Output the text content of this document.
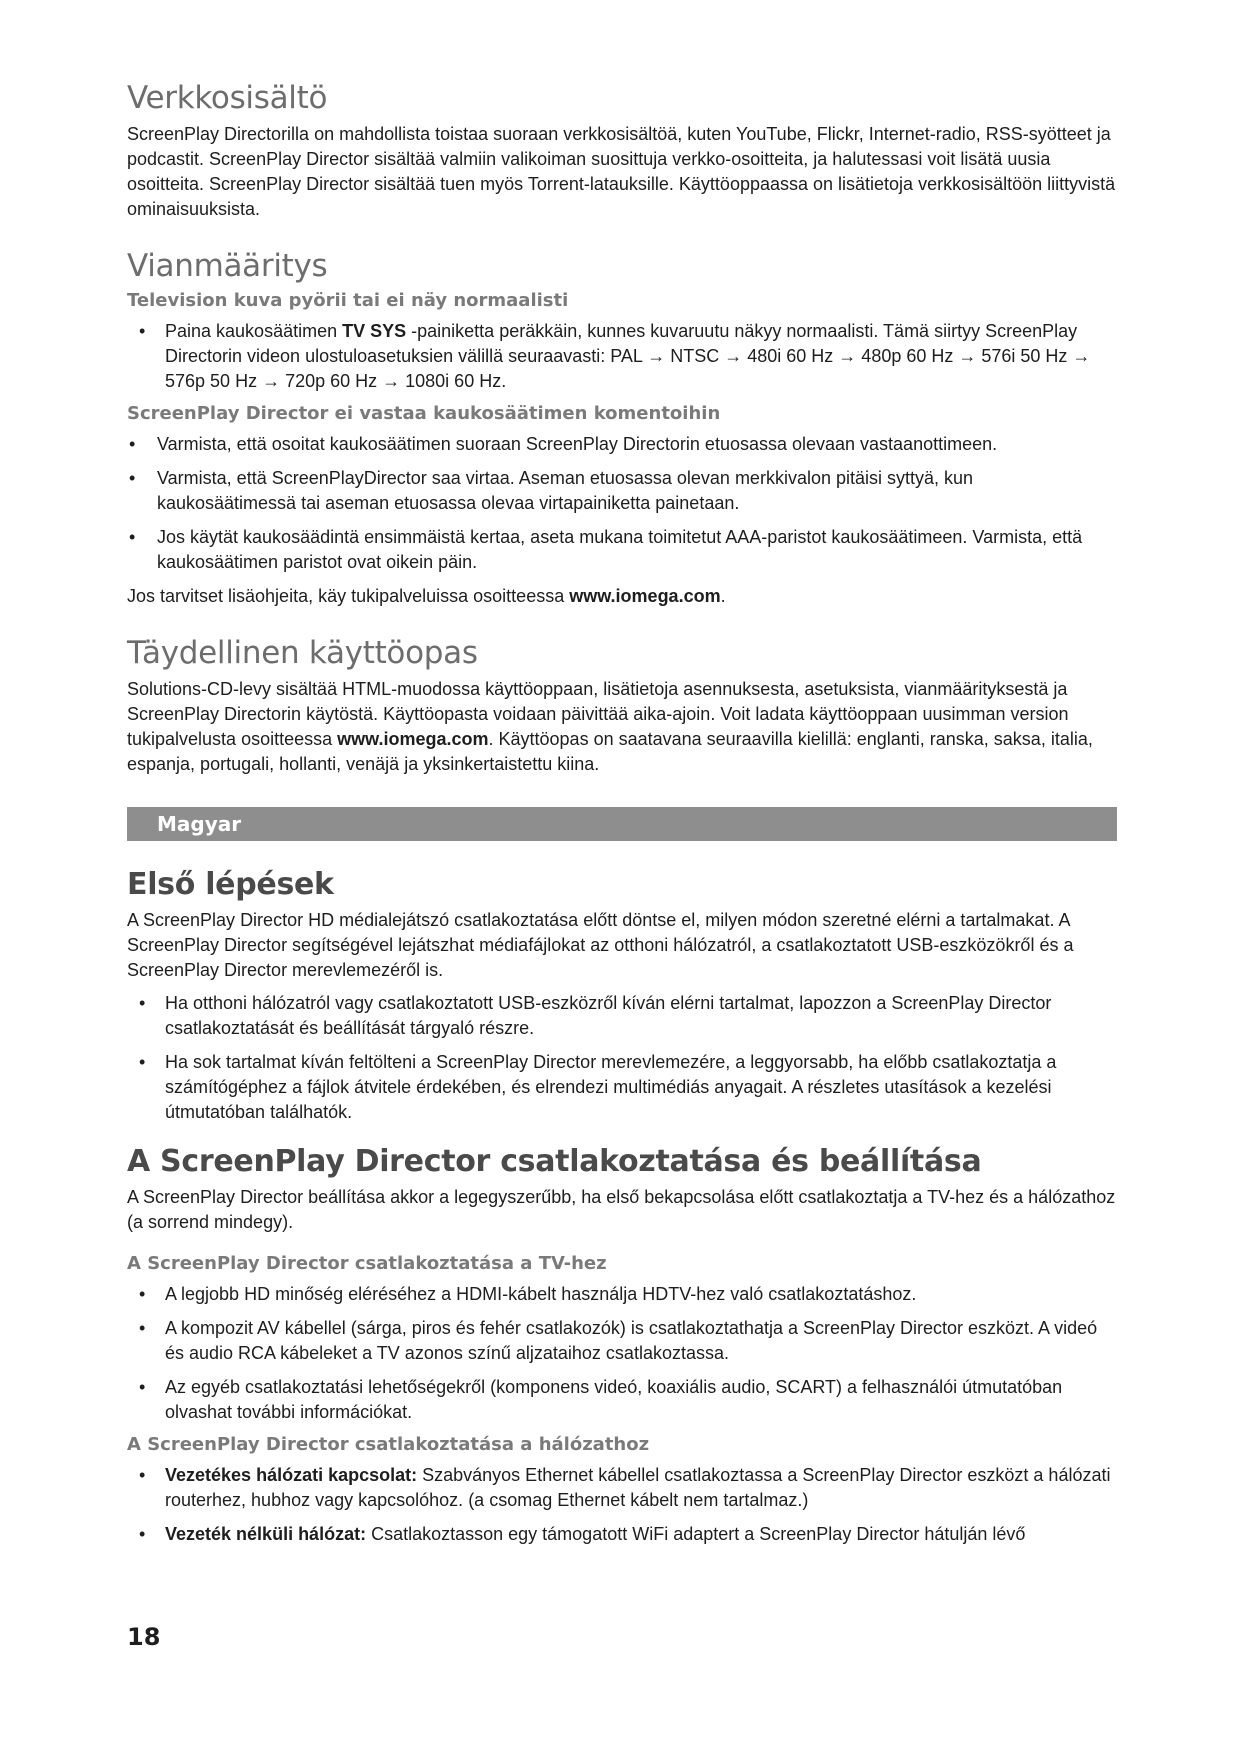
Verkkosisältö

ScreenPlay Directorilla on mahdollista toistaa suoraan verkkosisältöä, kuten YouTube, Flickr, Internet-radio, RSS-syötteet ja podcastit. ScreenPlay Director sisältää valmiin valikoiman suosittuja verkko-osoitteita, ja halutessasi voit lisätä uusia osoitteita. ScreenPlay Director sisältää tuen myös Torrent-latauksille. Käyttöoppaassa on lisätietoja verkkosisältöön liittyvistä ominaisuuksista.

Vianmääritys
Television kuva pyörii tai ei näy normaalisti
• Paina kaukosäätimen TV SYS -painiketta peräkkäin, kunnes kuvaruutu näkyy normaalisti. Tämä siirtyy ScreenPlay Directorin videon ulostuloasetuksien välillä seuraavasti: PAL → NTSC → 480i 60 Hz → 480p 60 Hz → 576i 50 Hz → 576p 50 Hz → 720p 60 Hz → 1080i 60 Hz.
ScreenPlay Director ei vastaa kaukosäätimen komentoihin
• Varmista, että osoitat kaukosäätimen suoraan ScreenPlay Directorin etuosassa olevaan vastaanottimeen.
• Varmista, että ScreenPlayDirector saa virtaa. Aseman etuosassa olevan merkkivalon pitäisi syttyä, kun kaukosäätimessä tai aseman etuosassa olevaa virtapainiketta painetaan.
• Jos käytät kaukosäädintä ensimmäistä kertaa, aseta mukana toimitetut AAA-paristot kaukosäätimeen. Varmista, että kaukosäätimen paristot ovat oikein päin.

Jos tarvitset lisäohjeita, käy tukipalveluissa osoitteessa www.iomega.com.

Täydellinen käyttöopas

Solutions-CD-levy sisältää HTML-muodossa käyttöoppaan, lisätietoja asennuksesta, asetuksista, vianmäärityksestä ja ScreenPlay Directorin käytöstä. Käyttöopasta voidaan päivittää aika-ajoin. Voit ladata käyttöoppaan uusimman version tukipalvelusta osoitteessa www.iomega.com. Käyttöopas on saatavana seuraavilla kielillä: englanti, ranska, saksa, italia, espanja, portugali, hollanti, venäjä ja yksinkertaistettu kiina.

Magyar
Első lépések

A ScreenPlay Director HD médialejátszó csatlakoztatása előtt döntse el, milyen módon szeretné elérni a tartalmakat. A ScreenPlay Director segítségével lejátszhat médiafájlokat az otthoni hálózatról, a csatlakoztatott USB-eszközökről és a ScreenPlay Director merevlemezéről is.

• Ha otthoni hálózatról vagy csatlakoztatott USB-eszközről kíván elérni tartalmat, lapozzon a ScreenPlay Director csatlakoztatását és beállítását tárgyaló részre.
• Ha sok tartalmat kíván feltölteni a ScreenPlay Director merevlemezére, a leggyorsabb, ha előbb csatlakoztatja a számítógéphez a fájlok átvitele érdekében, és elrendezi multimédiás anyagait. A részletes utasítások a kezelési útmutatóban találhatók.
A ScreenPlay Director csatlakoztatása és beállítása

A ScreenPlay Director beállítása akkor a legegyszerűbb, ha első bekapcsolása előtt csatlakoztatja a TV-hez és a hálózathoz (a sorrend mindegy).

A ScreenPlay Director csatlakoztatása a TV-hez
• A legjobb HD minőség eléréséhez a HDMI-kábelt használja HDTV-hez való csatlakoztatáshoz.
• A kompozit AV kábellel (sárga, piros és fehér csatlakozók) is csatlakoztathatja a ScreenPlay Director eszközt. A videó és audio RCA kábeleket a TV azonos színű aljzataihoz csatlakoztassa.
• Az egyéb csatlakoztatási lehetőségekről (komponens videó, koaxiális audio, SCART) a felhasználói útmutatóban olvashat további információkat.
A ScreenPlay Director csatlakoztatása a hálózathoz
• Vezetékes hálózati kapcsolat: Szabványos Ethernet kábellel csatlakoztassa a ScreenPlay Director eszközt a hálózati routerhez, hubhoz vagy kapcsolóhoz. (a csomag Ethernet kábelt nem tartalmaz.)
• Vezeték nélküli hálózat: Csatlakoztasson egy támogatott WiFi adaptert a ScreenPlay Director hátulján lévő
18
